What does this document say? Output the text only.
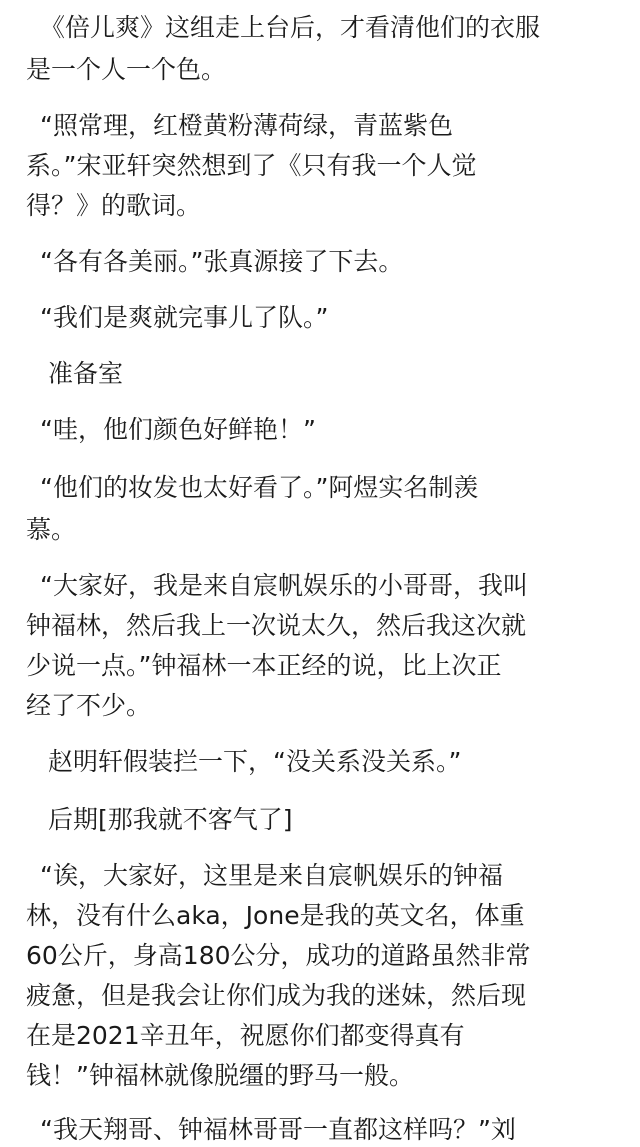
《倍儿爽》这组走上台后，才看清他们的衣服
是一个人一个色。
“照常理，红橙黄粉薄荷绿，青蓝紫色
系。”宋亚轩突然想到了《只有我一个人觉
得？》的歌词。
“各有各美丽。”张真源接了下去。
“我们是爽就完事儿了队。”
准备室
“哇，他们颜色好鲜艳！”
“他们的妆发也太好看了。”阿煜实名制羡
慕。
“大家好，我是来自宸帆娱乐的小哥哥，我叫
钟福林，然后我上一次说太久，然后我这次就
少说一点。”钟福林一本正经的说，比上次正
经了不少。
赵明轩假装拦一下，“没关系没关系。”
后期[那我就不客气了]
“诶，大家好，这里是来自宸帆娱乐的钟福
林，没有什么aka，Jone是我的英文名，体重
60公斤，身高180公分，成功的道路虽然非常
疲惫，但是我会让你们成为我的迷妹，然后现
在是2021辛丑年，祝愿你们都变得真有
钱！”钟福林就像脱缰的野马一般。
“我天翔哥、钟福林哥哥一直都这样吗？”刘
